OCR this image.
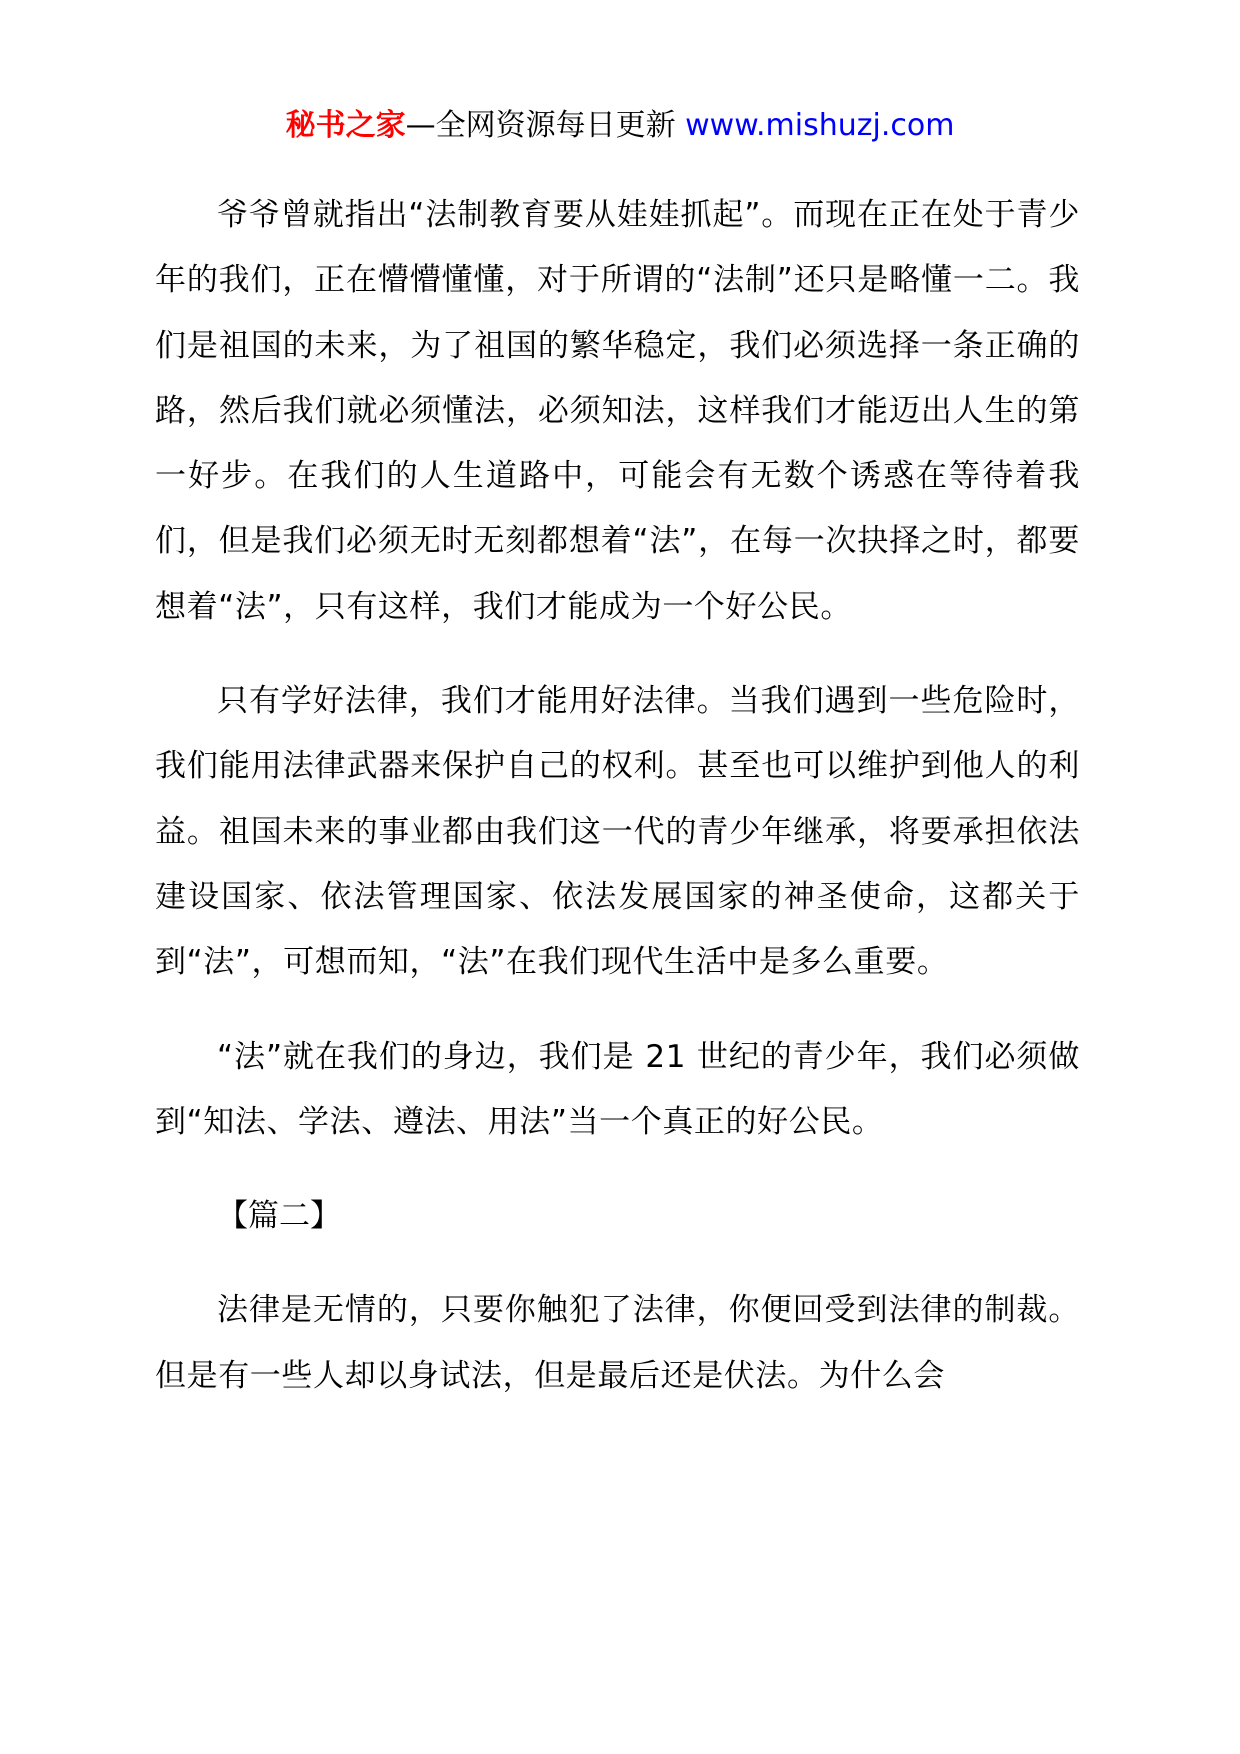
秘书之家—全网资源每日更新 www.mishuzj.com

爷爷曾就指出“法制教育要从娃娃抓起”。而现在正在处于青少年的我们，正在懵懵懂懂，对于所谓的“法制”还只是略懂一二。我们是祖国的未来，为了祖国的繁华稳定，我们必须选择一条正确的路，然后我们就必须懂法，必须知法，这样我们才能迈出人生的第一好步。在我们的人生道路中，可能会有无数个诱惑在等待着我们，但是我们必须无时无刻都想着“法”，在每一次抉择之时，都要想着“法”，只有这样，我们才能成为一个好公民。

只有学好法律，我们才能用好法律。当我们遇到一些危险时，我们能用法律武器来保护自己的权利。甚至也可以维护到他人的利益。祖国未来的事业都由我们这一代的青少年继承，将要承担依法建设国家、依法管理国家、依法发展国家的神圣使命，这都关于到“法”，可想而知，“法”在我们现代生活中是多么重要。

“法”就在我们的身边，我们是 21 世纪的青少年，我们必须做到“知法、学法、遵法、用法”当一个真正的好公民。

【篇二】

法律是无情的，只要你触犯了法律，你便回受到法律的制裁。但是有一些人却以身试法，但是最后还是伏法。为什么会
